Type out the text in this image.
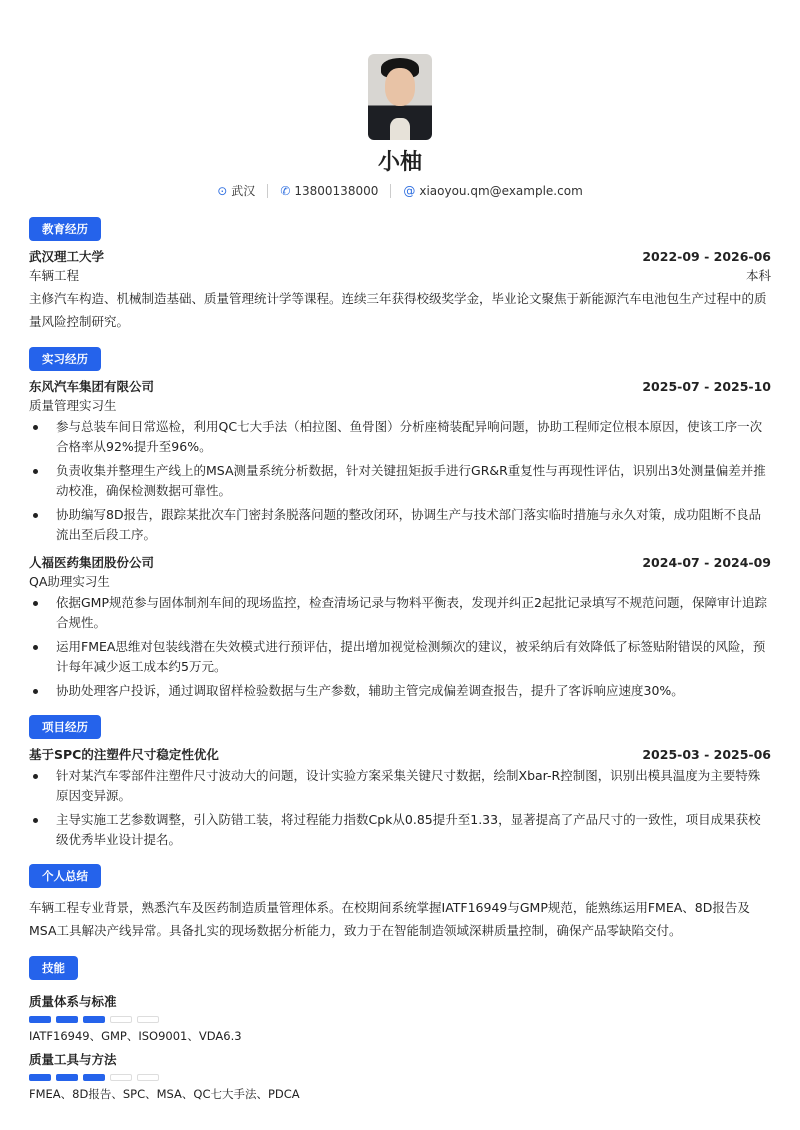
小柚
⊙ 武汉 ✆ 13800138000 @ xiaoyou.qm@example.com
教育经历
武汉理工大学	2022-09 - 2026-06
车辆工程	本科

主修汽车构造、机械制造基础、质量管理统计学等课程。连续三年获得校级奖学金，毕业论文聚焦于新能源汽车电池包生产过程中的质量风险控制研究。

实习经历
东风汽车集团有限公司	2025-07 - 2025-10
质量管理实习生
参与总装车间日常巡检，利用QC七大手法（柏拉图、鱼骨图）分析座椅装配异响问题，协助工程师定位根本原因，使该工序一次合格率从92%提升至96%。
负责收集并整理生产线上的MSA测量系统分析数据，针对关键扭矩扳手进行GR&R重复性与再现性评估，识别出3处测量偏差并推动校准，确保检测数据可靠性。
协助编写8D报告，跟踪某批次车门密封条脱落问题的整改闭环，协调生产与技术部门落实临时措施与永久对策，成功阻断不良品流出至后段工序。
人福医药集团股份公司	2024-07 - 2024-09
QA助理实习生
依据GMP规范参与固体制剂车间的现场监控，检查清场记录与物料平衡表，发现并纠正2起批记录填写不规范问题，保障审计追踪合规性。
运用FMEA思维对包装线潜在失效模式进行预评估，提出增加视觉检测频次的建议，被采纳后有效降低了标签贴附错误的风险，预计每年减少返工成本约5万元。
协助处理客户投诉，通过调取留样检验数据与生产参数，辅助主管完成偏差调查报告，提升了客诉响应速度30%。
项目经历
基于SPC的注塑件尺寸稳定性优化	2025-03 - 2025-06
针对某汽车零部件注塑件尺寸波动大的问题，设计实验方案采集关键尺寸数据，绘制Xbar-R控制图，识别出模具温度为主要特殊原因变异源。
主导实施工艺参数调整，引入防错工装，将过程能力指数Cpk从0.85提升至1.33，显著提高了产品尺寸的一致性，项目成果获校级优秀毕业设计提名。
个人总结

车辆工程专业背景，熟悉汽车及医药制造质量管理体系。在校期间系统掌握IATF16949与GMP规范，能熟练运用FMEA、8D报告及MSA工具解决产线异常。具备扎实的现场数据分析能力，致力于在智能制造领域深耕质量控制，确保产品零缺陷交付。

技能
质量体系与标准
IATF16949、GMP、ISO9001、VDA6.3
质量工具与方法
FMEA、8D报告、SPC、MSA、QC七大手法、PDCA
